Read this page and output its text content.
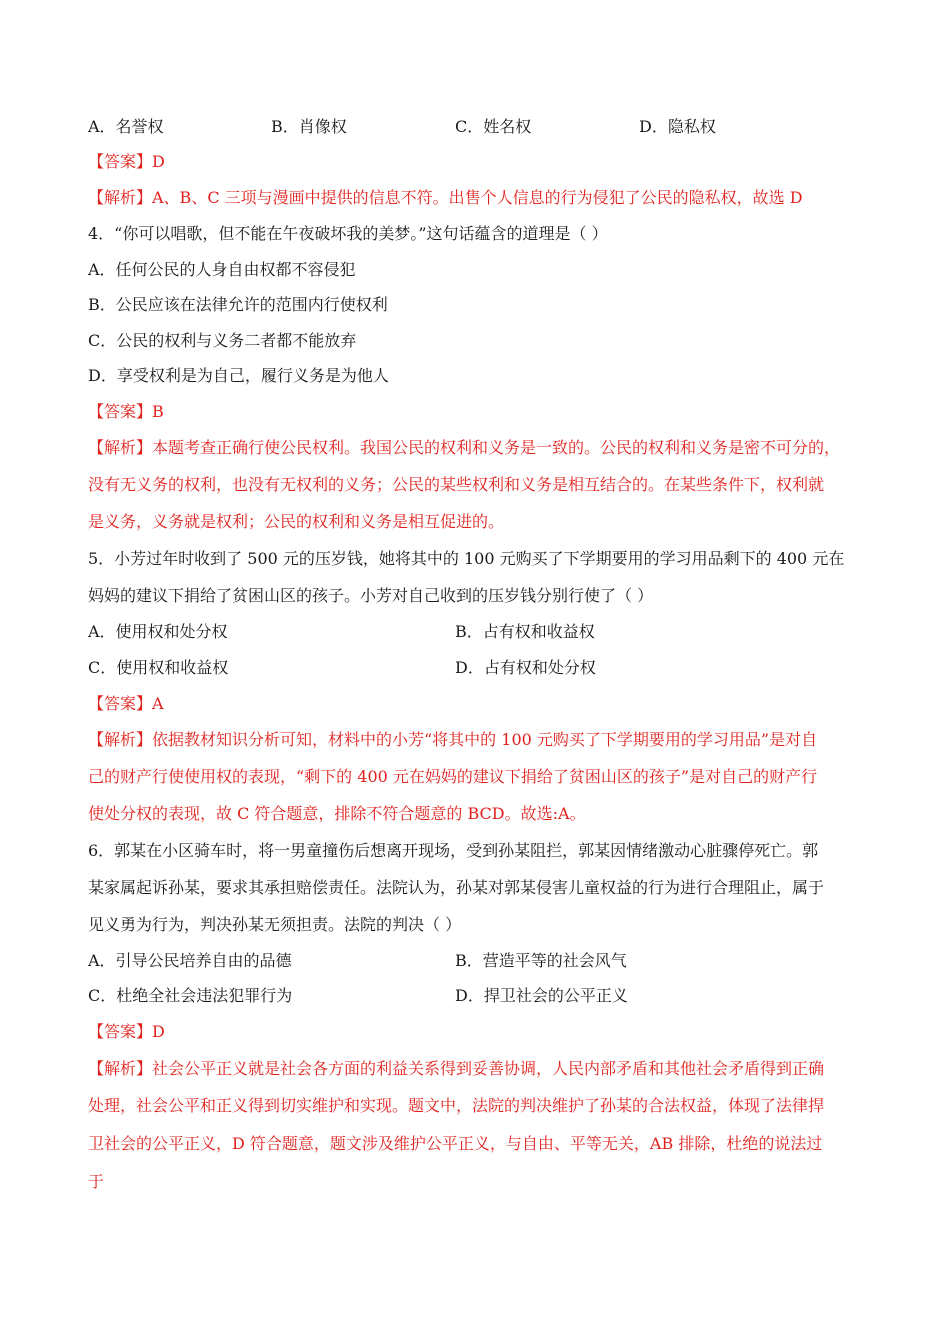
A．名誉权	B．肖像权	C．姓名权	D．隐私权
【答案】D
【解析】A、B、C 三项与漫画中提供的信息不符。出售个人信息的行为侵犯了公民的隐私权，故选 D
4．“你可以唱歌，但不能在午夜破坏我的美梦。”这句话蕴含的道理是（ ）
A．任何公民的人身自由权都不容侵犯
B．公民应该在法律允许的范围内行使权利
C．公民的权利与义务二者都不能放弃
D．享受权利是为自己，履行义务是为他人
【答案】B
【解析】本题考查正确行使公民权利。我国公民的权利和义务是一致的。公民的权利和义务是密不可分的，
没有无义务的权利，也没有无权利的义务；公民的某些权利和义务是相互结合的。在某些条件下，权利就
是义务，义务就是权利；公民的权利和义务是相互促进的。
5．小芳过年时收到了 500 元的压岁钱，她将其中的 100 元购买了下学期要用的学习用品剩下的 400 元在
妈妈的建议下捐给了贫困山区的孩子。小芳对自己收到的压岁钱分别行使了（ ）
A．使用权和处分权	B．占有权和收益权
C．使用权和收益权	D．占有权和处分权
【答案】A
【解析】依据教材知识分析可知，材料中的小芳“将其中的 100 元购买了下学期要用的学习用品”是对自
己的财产行使使用权的表现，“剩下的 400 元在妈妈的建议下捐给了贫困山区的孩子”是对自己的财产行
使处分权的表现，故 C 符合题意，排除不符合题意的 BCD。故选:A。
6．郭某在小区骑车时，将一男童撞伤后想离开现场，受到孙某阻拦，郭某因情绪激动心脏骤停死亡。郭
某家属起诉孙某，要求其承担赔偿责任。法院认为，孙某对郭某侵害儿童权益的行为进行合理阻止，属于
见义勇为行为，判决孙某无须担责。法院的判决（ ）
A．引导公民培养自由的品德	B．营造平等的社会风气
C．杜绝全社会违法犯罪行为	D．捍卫社会的公平正义
【答案】D
【解析】社会公平正义就是社会各方面的利益关系得到妥善协调，人民内部矛盾和其他社会矛盾得到正确
处理，社会公平和正义得到切实维护和实现。题文中，法院的判决维护了孙某的合法权益，体现了法律捍
卫社会的公平正义，D 符合题意，题文涉及维护公平正义，与自由、平等无关，AB 排除，杜绝的说法过
于
